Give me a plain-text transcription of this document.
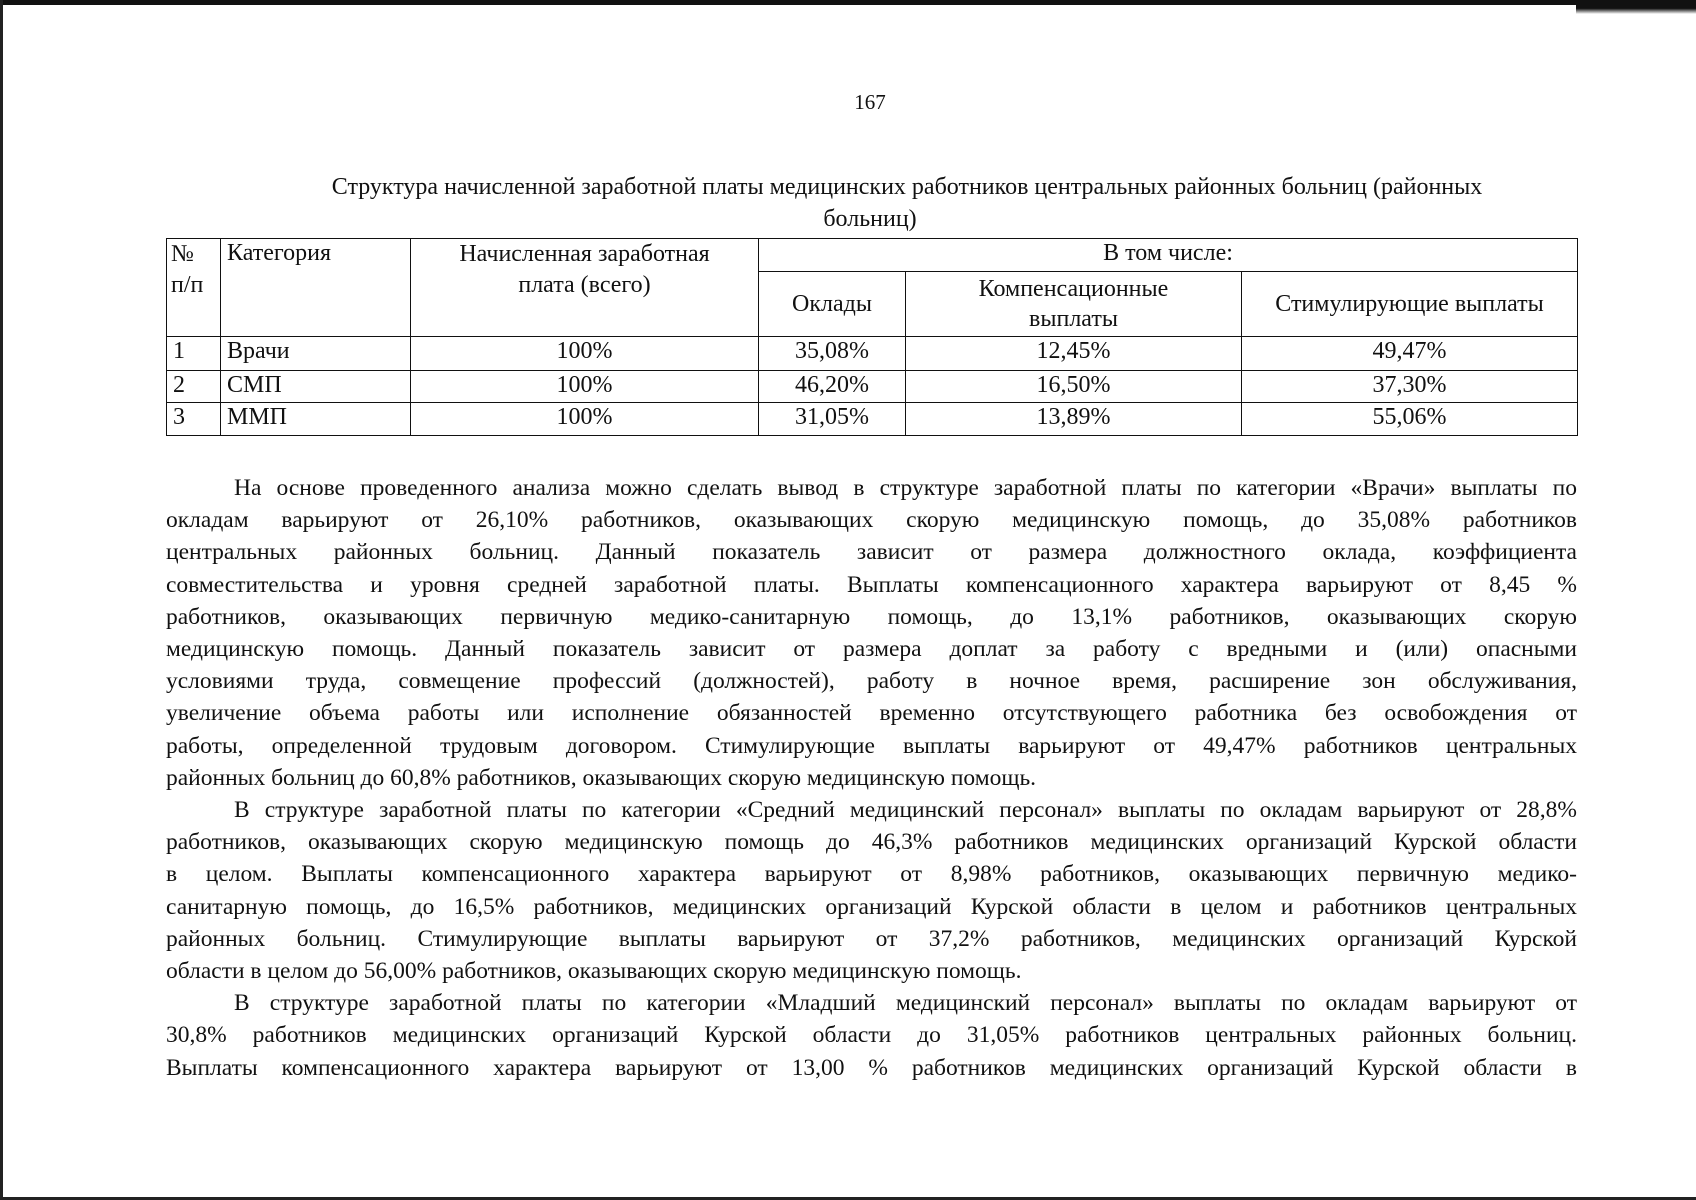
167
Структура начисленной заработной платы медицинских работников центральных районных больниц (районных
больниц)
№ п/п	Категория	Начисленная заработная плата (всего)	В том числе:		
			Оклады	Компенсационные выплаты	Стимулирующие выплаты
1	Врачи	100%	35,08%	12,45%	49,47%
2	СМП	100%	46,20%	16,50%	37,30%
3	ММП	100%	31,05%	13,89%	55,06%
На основе проведенного анализа можно сделать вывод в структуре заработной платы по категории «Врачи» выплаты по
окладам варьируют от 26,10% работников, оказывающих скорую медицинскую помощь, до 35,08% работников
центральных районных больниц. Данный показатель зависит от размера должностного оклада, коэффициента
совместительства и уровня средней заработной платы. Выплаты компенсационного характера варьируют от 8,45 %
работников, оказывающих первичную медико-санитарную помощь, до 13,1% работников, оказывающих скорую
медицинскую помощь. Данный показатель зависит от размера доплат за работу с вредными и (или) опасными
условиями труда, совмещение профессий (должностей), работу в ночное время, расширение зон обслуживания,
увеличение объема работы или исполнение обязанностей временно отсутствующего работника без освобождения от
работы, определенной трудовым договором. Стимулирующие выплаты варьируют от 49,47% работников центральных
районных больниц до 60,8% работников, оказывающих скорую медицинскую помощь.
В структуре заработной платы по категории «Средний медицинский персонал» выплаты по окладам варьируют от 28,8%
работников, оказывающих скорую медицинскую помощь до 46,3% работников медицинских организаций Курской области
в целом. Выплаты компенсационного характера варьируют от 8,98% работников, оказывающих первичную медико-
санитарную помощь, до 16,5% работников, медицинских организаций Курской области в целом и работников центральных
районных больниц. Стимулирующие выплаты варьируют от 37,2% работников, медицинских организаций Курской
области в целом до 56,00% работников, оказывающих скорую медицинскую помощь.
В структуре заработной платы по категории «Младший медицинский персонал» выплаты по окладам варьируют от
30,8% работников медицинских организаций Курской области до 31,05% работников центральных районных больниц.
Выплаты компенсационного характера варьируют от 13,00 % работников медицинских организаций Курской области в
